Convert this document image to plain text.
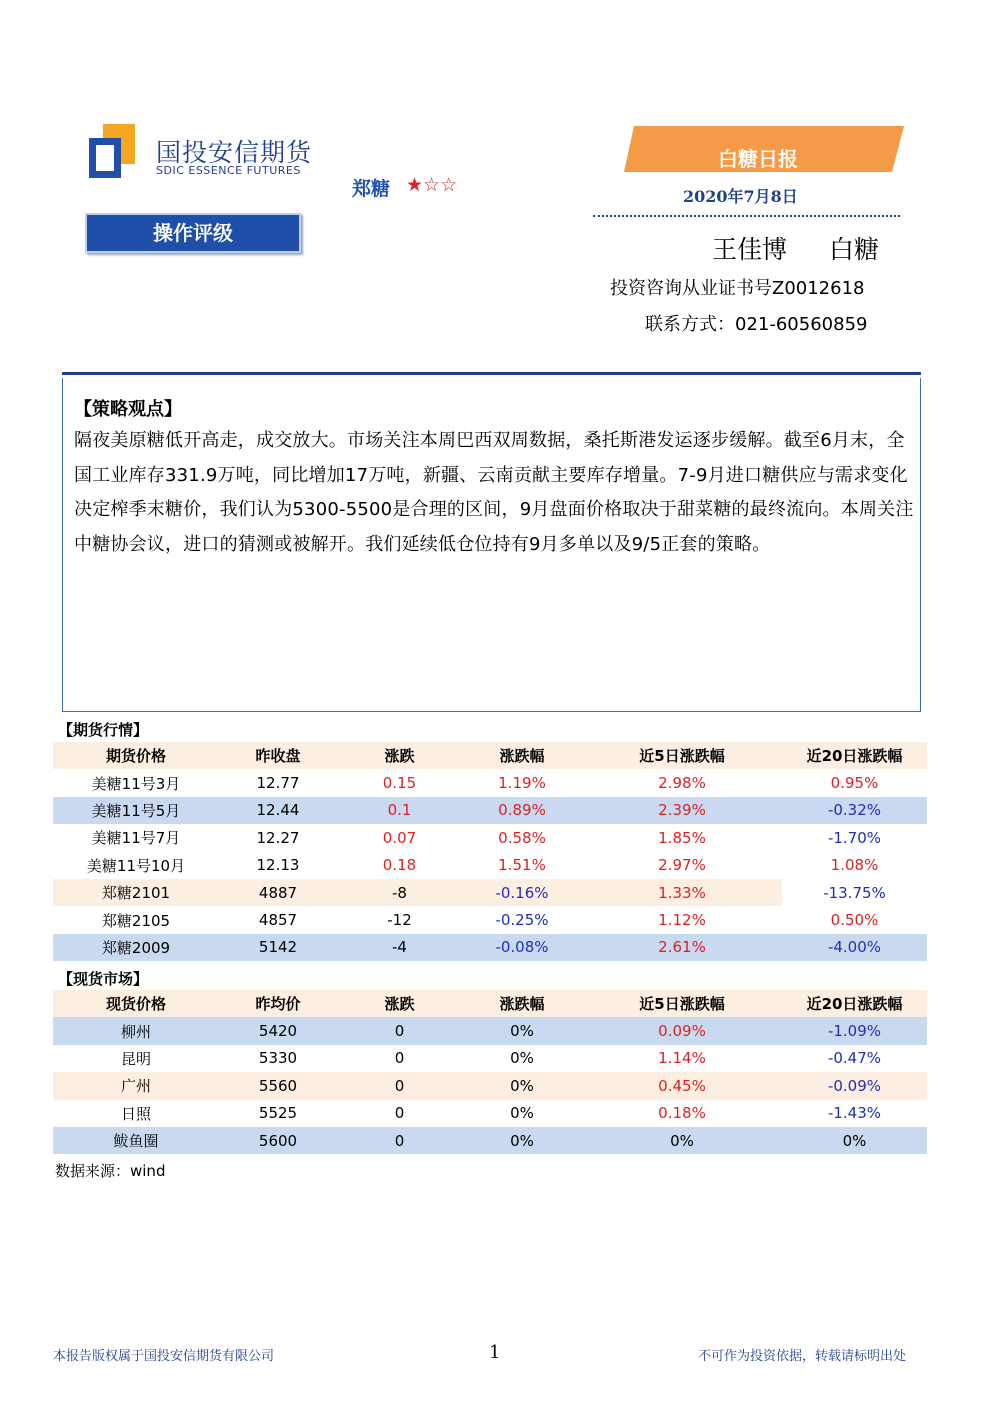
国投安信期货
SDIC ESSENCE FUTURES
郑糖 ★☆☆
操作评级
白糖日报
2020年7月8日
王佳博 白糖
投资咨询从业证书号Z0012618
联系方式：021-60560859
【策略观点】
隔夜美原糖低开高走，成交放大。市场关注本周巴西双周数据，桑托斯港发运逐步缓解。截至6月末，全国工业库存331.9万吨，同比增加17万吨，新疆、云南贡献主要库存增量。7-9月进口糖供应与需求变化决定榨季末糖价，我们认为5300-5500是合理的区间，9月盘面价格取决于甜菜糖的最终流向。本周关注中糖协会议，进口的猜测或被解开。我们延续低仓位持有9月多单以及9/5正套的策略。
【期货行情】
期货价格	昨收盘	涨跌	涨跌幅	近5日涨跌幅	近20日涨跌幅	
美糖11号3月	12.77	0.15	1.19%	2.98%	0.95%	
美糖11号5月	12.44	0.1	0.89%	2.39%	-0.32%	
美糖11号7月	12.27	0.07	0.58%	1.85%	-1.70%	
美糖11号10月	12.13	0.18	1.51%	2.97%	1.08%	
郑糖2101	4887	-8	-0.16%	1.33%	-13.75%	
郑糖2105	4857	-12	-0.25%	1.12%	0.50%	
郑糖2009	5142	-4	-0.08%	2.61%	-4.00%	
【现货市场】
现货价格	昨均价	涨跌	涨跌幅	近5日涨跌幅	近20日涨跌幅	
柳州	5420	0	0%	0.09%	-1.09%	
昆明	5330	0	0%	1.14%	-0.47%	
广州	5560	0	0%	0.45%	-0.09%	
日照	5525	0	0%	0.18%	-1.43%	
鲅鱼圈	5600	0	0%	0%	0%	
数据来源：wind
本报告版权属于国投安信期货有限公司	1	不可作为投资依据，转载请标明出处
